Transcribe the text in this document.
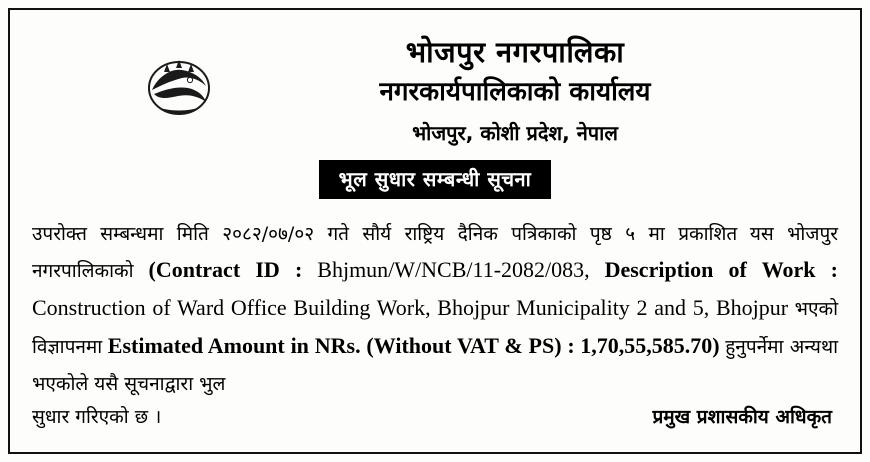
भोजपुर नगरपालिका
नगरकार्यपालिकाको कार्यालय
भोजपुर, कोशी प्रदेश, नेपाल
भूल सुधार सम्बन्धी सूचना
उपरोक्त सम्बन्धमा मिति २०८२/०७/०२ गते सौर्य राष्ट्रिय दैनिक पत्रिकाको पृष्ठ ५ मा प्रकाशित यस भोजपुर नगरपालिकाको (Contract ID : Bhjmun/W/NCB/11-2082/083, Description of Work : Construction of Ward Office Building Work, Bhojpur Municipality 2 and 5, Bhojpur भएको विज्ञापनमा Estimated Amount in NRs. (Without VAT & PS) : 1,70,55,585.70) हुनुपर्नेमा अन्यथा भएकोले यसै सूचनाद्वारा भुल
सुधार गरिएको छ ।	प्रमुख प्रशासकीय अधिकृत
